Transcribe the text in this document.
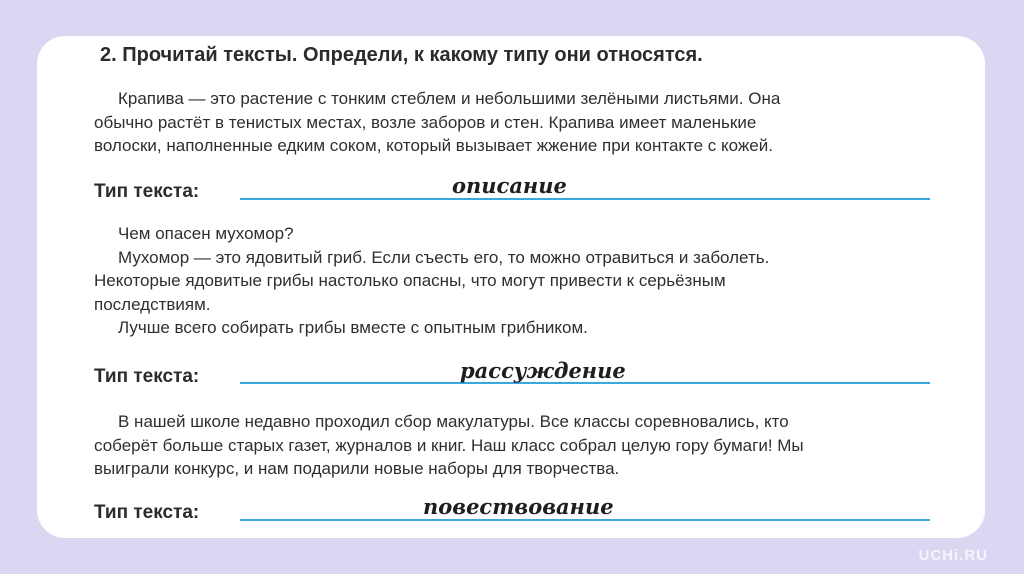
2. Прочитай тексты. Определи, к какому типу они относятся.
Крапива — это растение с тонким стеблем и небольшими зелёными листьями. Она
обычно растёт в тенистых местах, возле заборов и стен. Крапива имеет маленькие
волоски, наполненные едким соком, который вызывает жжение при контакте с кожей.
Тип текста:	описание
Чем опасен мухомор?
Мухомор — это ядовитый гриб. Если съесть его, то можно отравиться и заболеть.
Некоторые ядовитые грибы настолько опасны, что могут привести к серьёзным
последствиям.
Лучше всего собирать грибы вместе с опытным грибником.
Тип текста:	рассуждение
В нашей школе недавно проходил сбор макулатуры. Все классы соревновались, кто
соберёт больше старых газет, журналов и книг. Наш класс собрал целую гору бумаги! Мы
выиграли конкурс, и нам подарили новые наборы для творчества.
Тип текста:	повествование
UCHi.RU
